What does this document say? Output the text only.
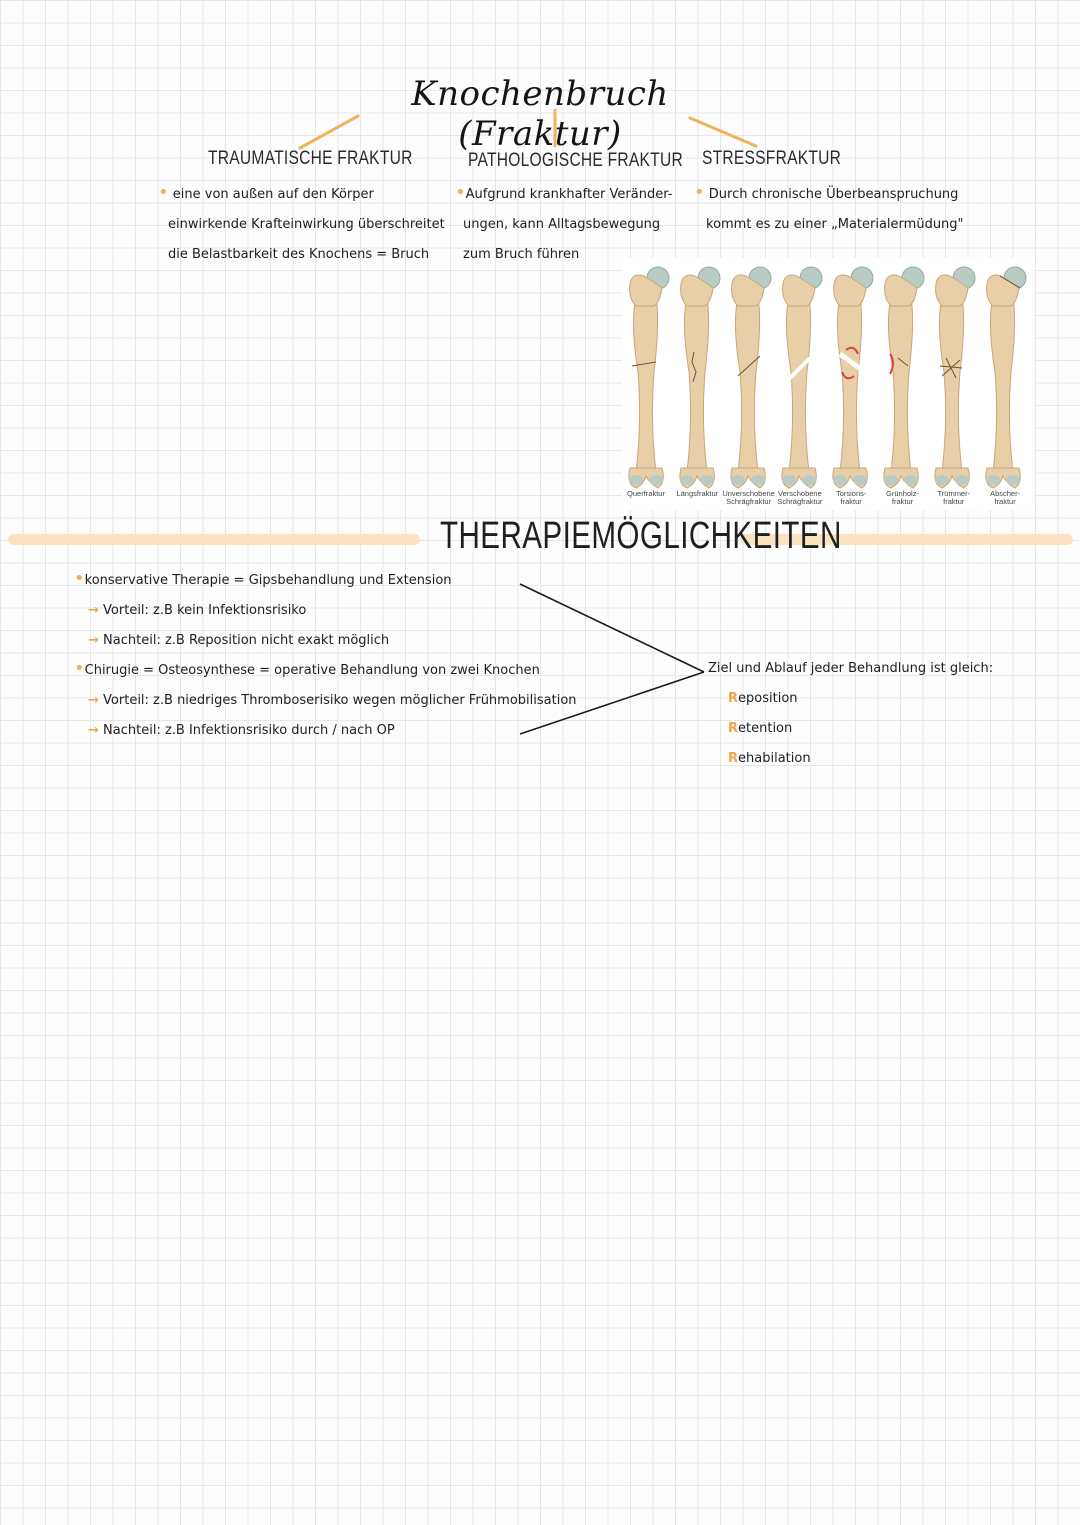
Knochenbruch (Fraktur)
TRAUMATISCHE FRAKTUR
• eine von außen auf den Körper
einwirkende Krafteinwirkung überschreitet
die Belastbarkeit des Knochens = Bruch
PATHOLOGISCHE FRAKTUR
•Aufgrund krankhafter Veränder-
ungen, kann Alltagsbewegung
zum Bruch führen
STRESSFRAKTUR
• Durch chronische Überbeanspruchung
kommt es zu einer „Materialermüdung"
Querfraktur	Längsfraktur Unverschobene
Schrägfraktur
Verschobene
Schrägfraktur
Torsions-
fraktur
Grünholz-
fraktur
Trümmer-
fraktur
Abscher-
fraktur
THERAPIEMÖGLICHKEITEN
•konservative Therapie = Gipsbehandlung und Extension
→ Vorteil: z.B kein Infektionsrisiko
→ Nachteil: z.B Reposition nicht exakt möglich
•Chirugie = Osteosynthese = operative Behandlung von zwei Knochen
→ Vorteil: z.B niedriges Thromboserisiko wegen möglicher Frühmobilisation
→ Nachteil: z.B Infektionsrisiko durch / nach OP
Ziel und Ablauf jeder Behandlung ist gleich:
Reposition
Retention
Rehabilation
